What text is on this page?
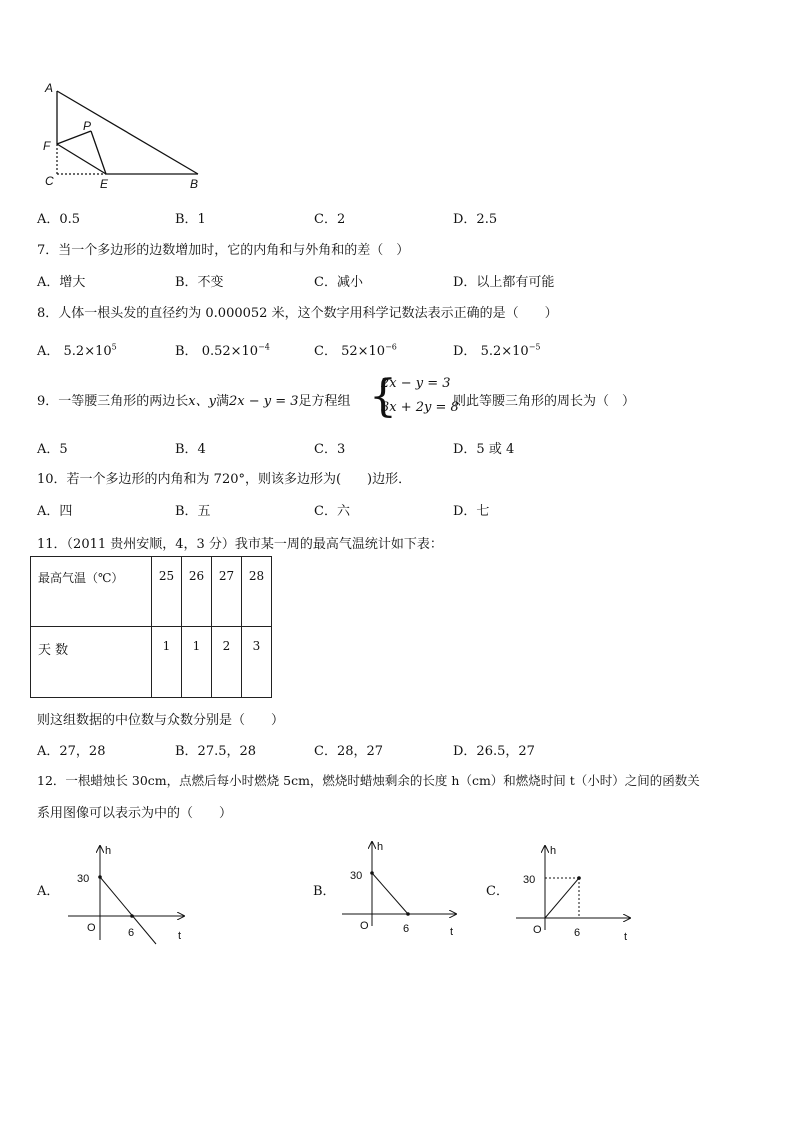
A
P
F
C	E	B
A．0.5	B．1	C．2	D．2.5
7．当一个多边形的边数增加时，它的内角和与外角和的差（　）
A．增大	B．不变	C．减小	D．以上都有可能
8．人体一根头发的直径约为 0.000052 米，这个数字用科学记数法表示正确的是（　　）
A． $5.2\times 10^5$	B． $0.52\times 10^{-4}$	C． $52\times 10^{-6}$	D． $5.2\times 10^{-5}$
9．一等腰三角形的两边长x、y满2x − y = 3足方程组 {
2x − y = 3
3x + 2y = 8
则此等腰三角形的周长为（　）
A．5	B．4	C．3	D．5 或 4
10．若一个多边形的内角和为 720°，则该多边形为(　　)边形．
A．四	B．五	C．六	D．七
11．（2011 贵州安顺，4，3 分）我市某一周的最高气温统计如下表：
最高气温（℃）	25	26	27	28
天 数	1	1	2	3
则这组数据的中位数与众数分别是（　　）
A．27，28	B．27.5，28	C．28，27	D．26.5，27
12．一根蜡烛长 30cm，点燃后每小时燃烧 5cm，燃烧时蜡烛剩余的长度 h（cm）和燃烧时间 t（小时）之间的函数关
系用图像可以表示为中的（　　）
A．
h
30
O	6	t
B．
h
30
O	6	t
C．
h
30
O	6	t
